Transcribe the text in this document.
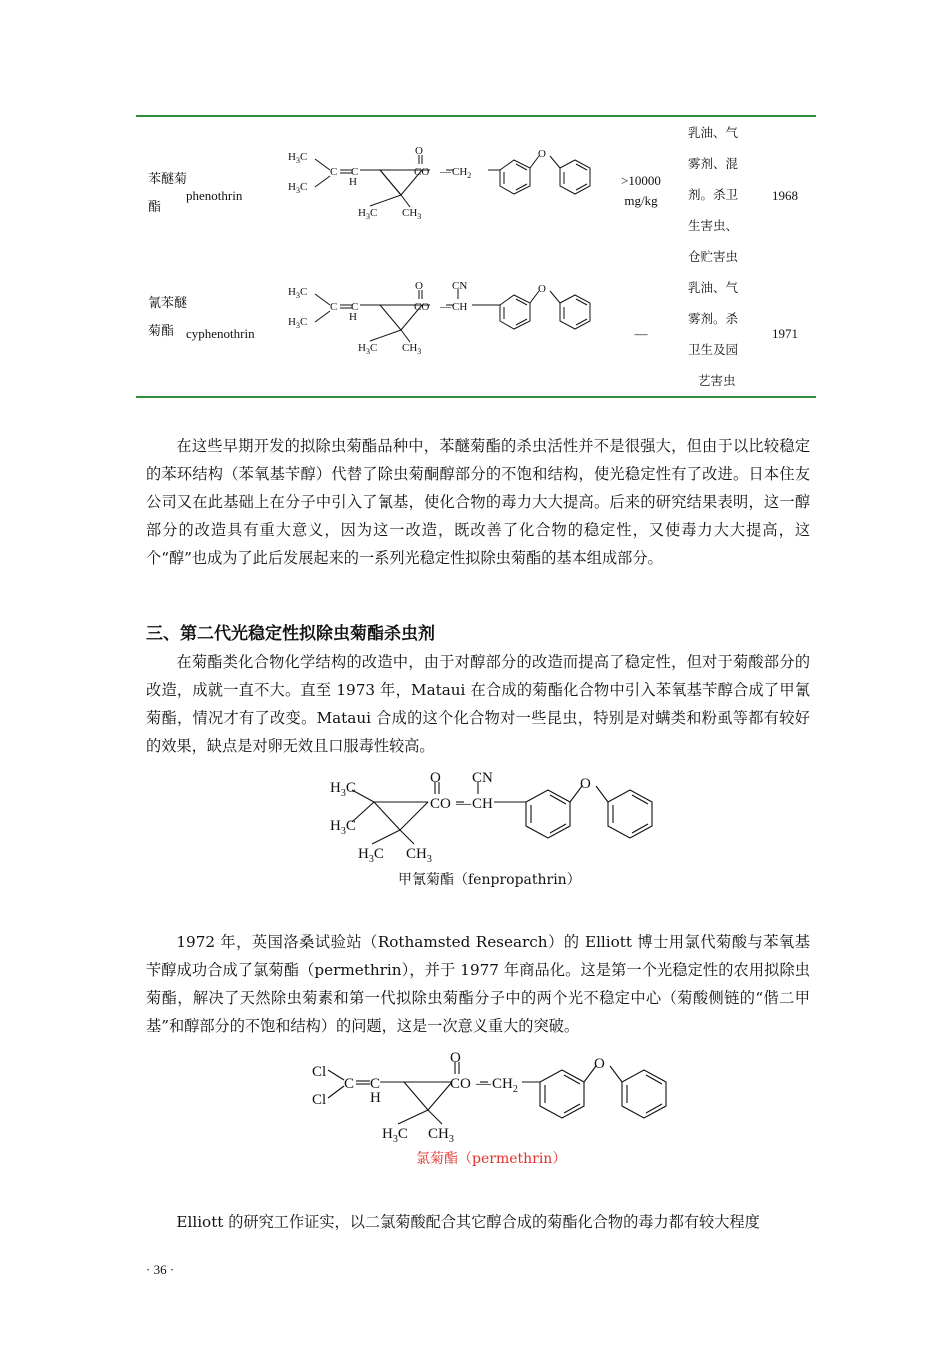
苯醚菊酯
phenothrin
>10000
mg/kg
乳油、气
雾剂、混
剂。杀卫
生害虫、
仓贮害虫
1968
$H_3C$
$H_3C$
C C
H
O
CO — $CH_2$
O
$H_3C$ $CH_3$
氰苯醚菊酯 cyphenothrin	—
乳油、气
雾剂。杀
卫生及园
艺害虫
1971
$H_3C$
$H_3C$
C C
H
O
CO —
CN
CH
O
$H_3C$ $CH_3$
在这些早期开发的拟除虫菊酯品种中，苯醚菊酯的杀虫活性并不是很强大，但由于以比较稳定的苯环结构（苯氧基苄醇）代替了除虫菊酮醇部分的不饱和结构，使光稳定性有了改进。日本住友公司又在此基础上在分子中引入了氰基，使化合物的毒力大大提高。后来的研究结果表明，这一醇部分的改造具有重大意义，因为这一改造，既改善了化合物的稳定性，又使毒力大大提高，这个“醇”也成为了此后发展起来的一系列光稳定性拟除虫菊酯的基本组成部分。
三、第二代光稳定性拟除虫菊酯杀虫剂
在菊酯类化合物化学结构的改造中，由于对醇部分的改造而提高了稳定性，但对于菊酸部分的改造，成就一直不大。直至 1973 年，Mataui 在合成的菊酯化合物中引入苯氧基苄醇合成了甲氰菊酯，情况才有了改变。Mataui 合成的这个化合物对一些昆虫，特别是对螨类和粉虱等都有较好的效果，缺点是对卵无效且口服毒性较高。
$H_3C$
$H_3C$
O
CO —
CN
CH
O
$H_3C$ $CH_3$
甲氰菊酯（fenpropathrin）
1972 年，英国洛桑试验站（Rothamsted Research）的 Elliott 博士用氯代菊酸与苯氧基苄醇成功合成了氯菊酯（permethrin），并于 1977 年商品化。这是第一个光稳定性的农用拟除虫菊酯，解决了天然除虫菊素和第一代拟除虫菊酯分子中的两个光不稳定中心（菊酸侧链的“偕二甲基”和醇部分的不饱和结构）的问题，这是一次意义重大的突破。
Cl
Cl
C C
H
O
CO — $CH_2$
O
$H_3C$ $CH_3$
氯菊酯（permethrin）
Elliott 的研究工作证实，以二氯菊酸配合其它醇合成的菊酯化合物的毒力都有较大程度
· 36 ·
